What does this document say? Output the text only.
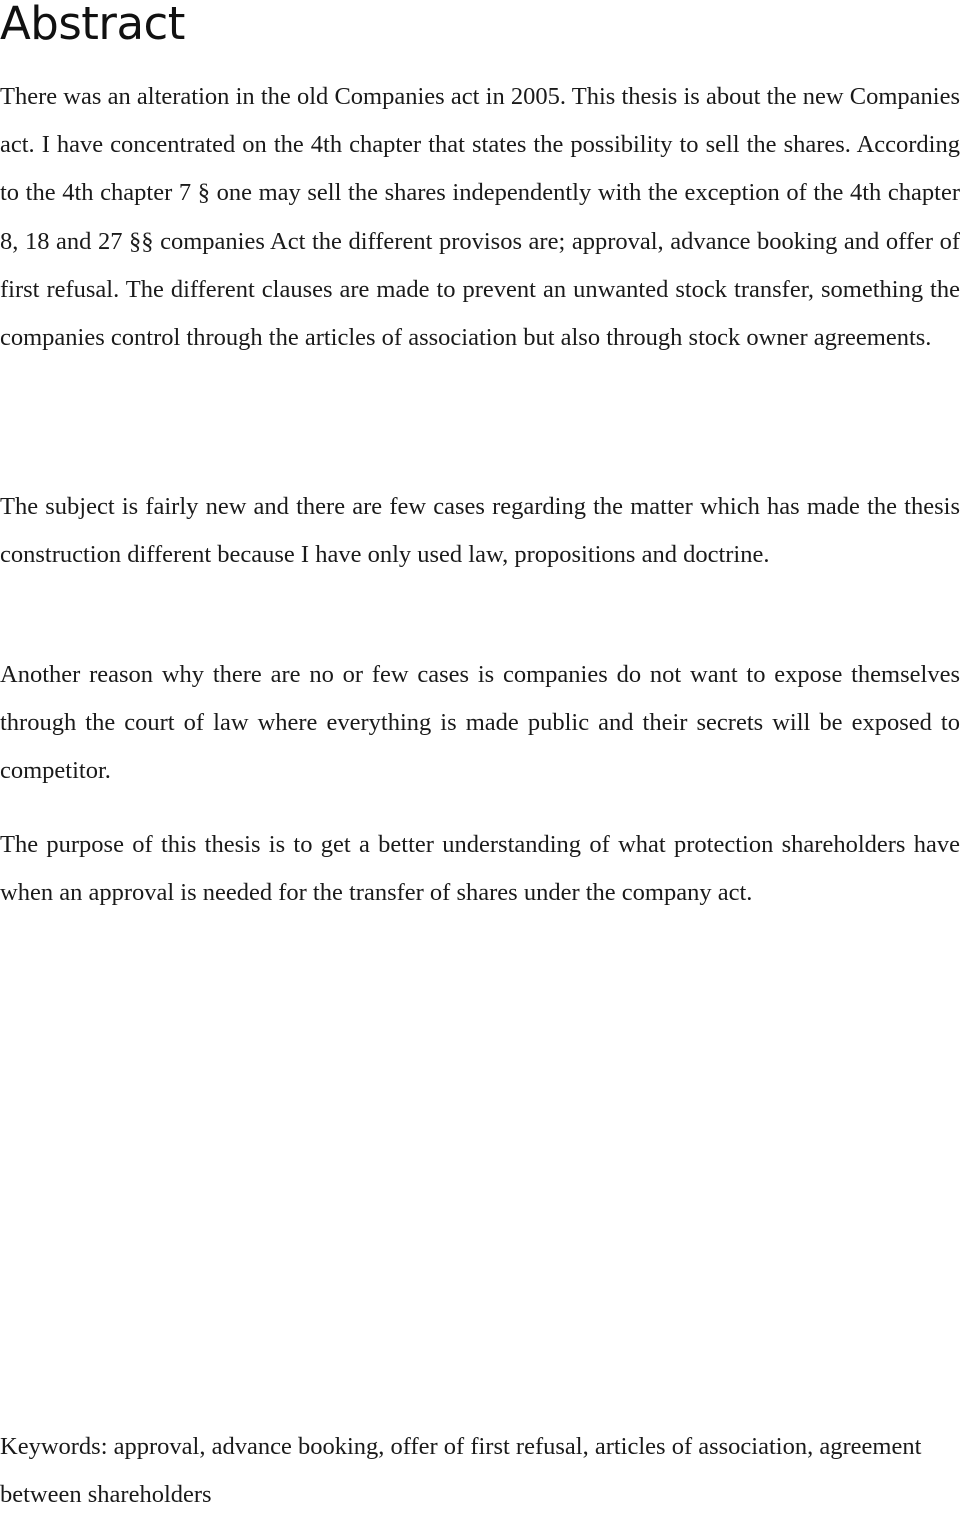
Abstract

There was an alteration in the old Companies act in 2005. This thesis is about the new Companies act. I have concentrated on the 4th chapter that states the possibility to sell the shares. According to the 4th chapter 7 § one may sell the shares independently with the exception of the 4th chapter 8, 18 and 27 §§ companies Act the different provisos are; approval, advance booking and offer of first refusal. The different clauses are made to prevent an unwanted stock transfer, something the companies control through the articles of association but also through stock owner agreements.

The subject is fairly new and there are few cases regarding the matter which has made the thesis construction different because I have only used law, propositions and doctrine.

Another reason why there are no or few cases is companies do not want to expose themselves through the court of law where everything is made public and their secrets will be exposed to competitor.

The purpose of this thesis is to get a better understanding of what protection shareholders have when an approval is needed for the transfer of shares under the company act.

Keywords: approval, advance booking, offer of first refusal, articles of association, agreement between shareholders
